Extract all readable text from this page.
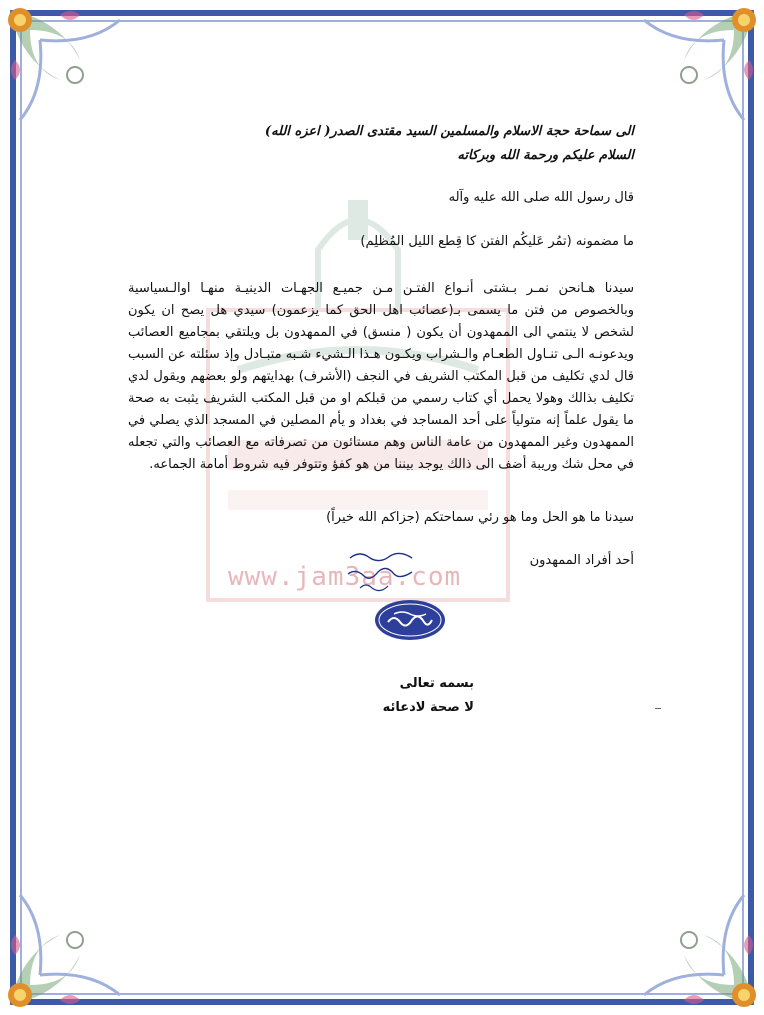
www.jam3aa.com
الى سماحة حجة الاسلام والمسلمين السيد مقتدى الصدر( اعزه الله)
السلام عليكم ورحمة الله وبركاته
قال رسول الله صلى الله عليه وآله
ما مضمونه (تمُر عَليكُم الفتن كا قِطع الليل المُظلِم)
سيدنا هـانحن نمـر بـشتى أنـواع الفتـن مـن جميـع الجهـات الدينيـة منهـا اوالـسياسية وبالخصوص من فتن ما يسمى بـ(عصائب اهل الحق كما يزعمون) سيدي هل يصح ان يكون لشخص لا ينتمي الى الممهدون أن يكون ( منسق) في الممهدون بل ويلتقي بمجاميع العصائب ويدعونـه الـى تنـاول الطعـام والـشراب ويكـون هـذا الـشيء شـبه متبـادل وإذ سئلته عن السبب قال لدي تكليف من قبل المكتب الشريف في النجف (الأشرف) بهدايتهم ولو بعضهم ويقول لدي تكليف بذالك وهولا يحمل أي كتاب رسمي من قبلكم او من قبل المكتب الشريف يثبت به صحة ما يقول علماً إنه متولياً على أحد المساجد في بغداد و يأم المصلين في المسجد الذي يصلي في الممهدون وغير الممهدون من عامة الناس وهم مستائون من تصرفاته مع العصائب والتي تجعله في محل شك وريبة أضف الى ذالك يوجد بيننا من هو كفؤ وتتوفر فيه شروط أمامة الجماعه.
سيدنا ما هو الحل وما هو رئي سماحتكم (جزاكم الله خيراً)
أحد أفراد الممهدون
بسمه تعالى
لا صحة لادعائه
